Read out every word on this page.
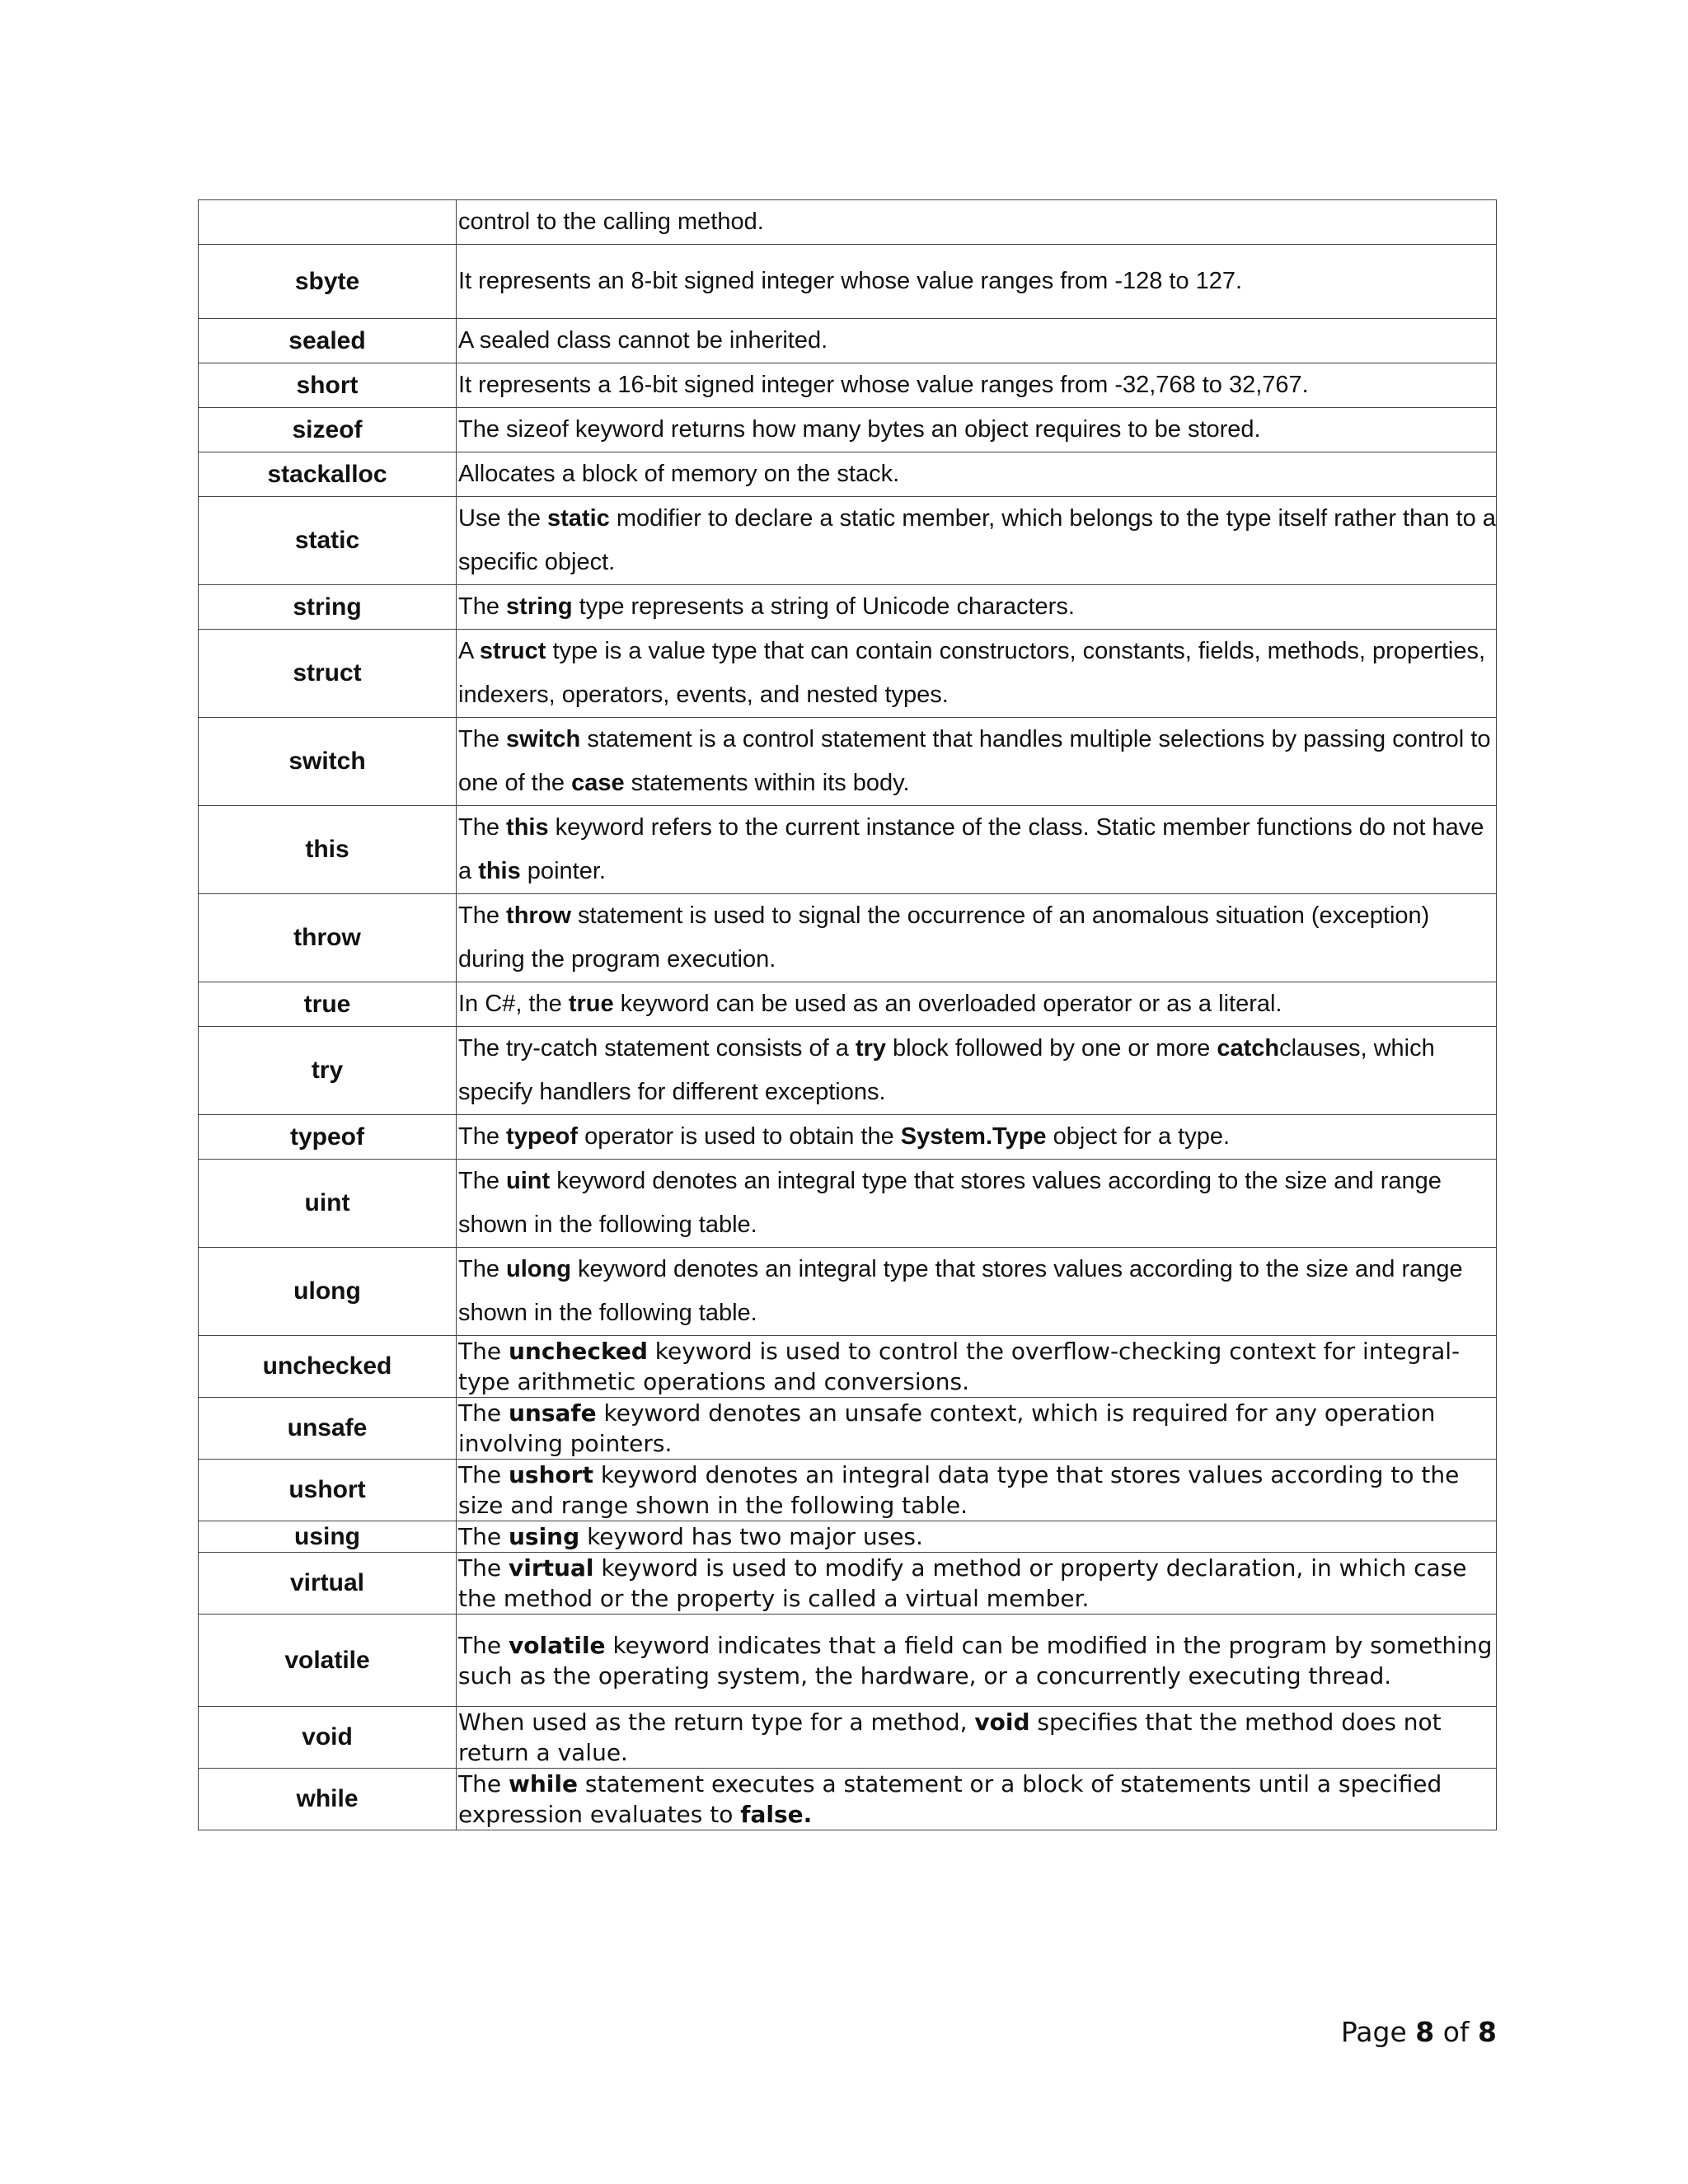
	control to the calling method.
sbyte	It represents an 8-bit signed integer whose value ranges from -128 to 127.
sealed	A sealed class cannot be inherited.
short	It represents a 16-bit signed integer whose value ranges from -32,768 to 32,767.
sizeof	The sizeof keyword returns how many bytes an object requires to be stored.
stackalloc	Allocates a block of memory on the stack.
static	Use the static modifier to declare a static member, which belongs to the type itself rather than to a specific object.
string	The string type represents a string of Unicode characters.
struct	A struct type is a value type that can contain constructors, constants, fields, methods, properties, indexers, operators, events, and nested types.
switch	The switch statement is a control statement that handles multiple selections by passing control to one of the case statements within its body.
this	The this keyword refers to the current instance of the class. Static member functions do not have a this pointer.
throw	The throw statement is used to signal the occurrence of an anomalous situation (exception) during the program execution.
true	In C#, the true keyword can be used as an overloaded operator or as a literal.
try	The try-catch statement consists of a try block followed by one or more catchclauses, which specify handlers for different exceptions.
typeof	The typeof operator is used to obtain the System.Type object for a type.
uint	The uint keyword denotes an integral type that stores values according to the size and range shown in the following table.
ulong	The ulong keyword denotes an integral type that stores values according to the size and range shown in the following table.
unchecked	The unchecked keyword is used to control the overflow-checking context for integral-type arithmetic operations and conversions.
unsafe	The unsafe keyword denotes an unsafe context, which is required for any operation involving pointers.
ushort	The ushort keyword denotes an integral data type that stores values according to the size and range shown in the following table.
using	The using keyword has two major uses.
virtual	The virtual keyword is used to modify a method or property declaration, in which case the method or the property is called a virtual member.
volatile	The volatile keyword indicates that a field can be modified in the program by something such as the operating system, the hardware, or a concurrently executing thread.
void	When used as the return type for a method, void specifies that the method does not return a value.
while	The while statement executes a statement or a block of statements until a specified expression evaluates to false.
Page 8 of 8
